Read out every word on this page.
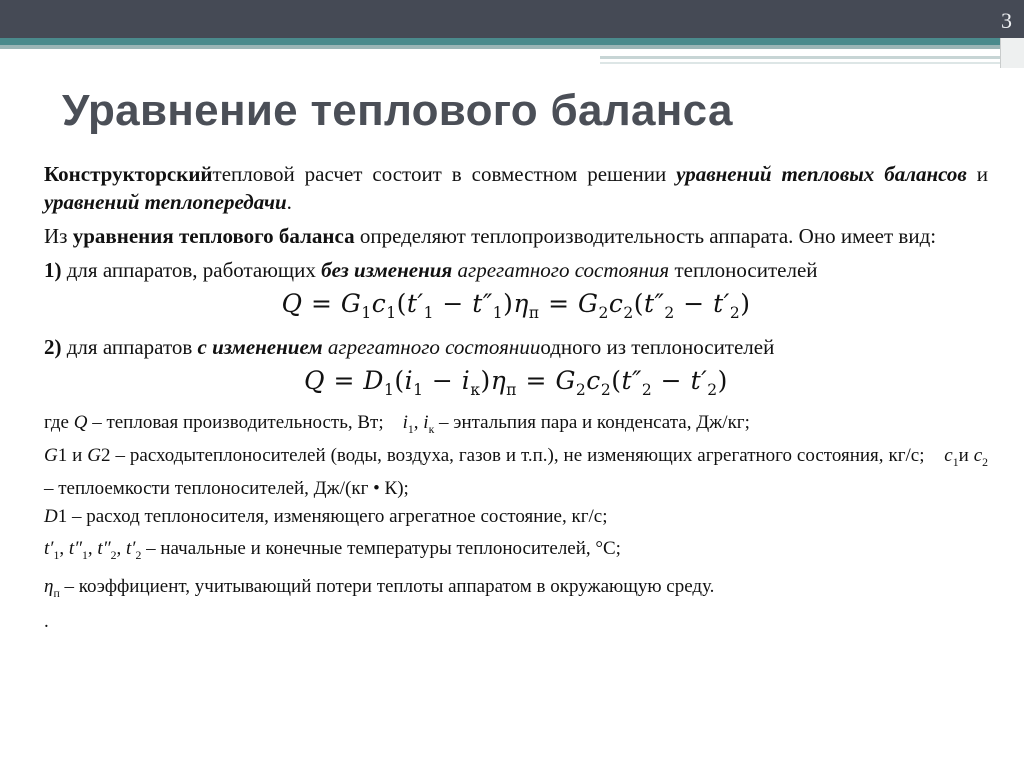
3
Уравнение теплового баланса
Конструкторскийтепловой расчет состоит в совместном решении уравнений тепловых балансов и уравнений теплопередачи.
Из уравнения теплового баланса определяют теплопроизводительность аппарата. Оно имеет вид:
1) для аппаратов, работающих без изменения агрегатного состояния теплоносителей
$Q = G_1c_1(t'_1 - t''_1)\eta_п = G_2c_2(t''_2 - t'_2)$
2) для аппаратов с изменением агрегатного состоянииодного из теплоносителей
$Q = D_1(i_1 - i_к)\eta_п = G_2c_2(t''_2 - t'_2)$
где Q – тепловая производительность, Вт; $i_1$, $i_к$ – энтальпия пара и конденсата, Дж/кг;
G1 и G2 – расходытеплоносителей (воды, воздуха, газов и т.п.), не изменяющих агрегатного состояния, кг/с; $c_1и$ $c_2$ – теплоемкости теплоносителей, Дж/(кг • К);
D1 – расход теплоносителя, изменяющего агрегатное состояние, кг/с;
$t'_1$, $t''_1$, $t''_2$, $t'_2$ – начальные и конечные температуры теплоносителей, °С;
$\eta_п$ – коэффициент, учитывающий потери теплоты аппаратом в окружающую среду.
.
